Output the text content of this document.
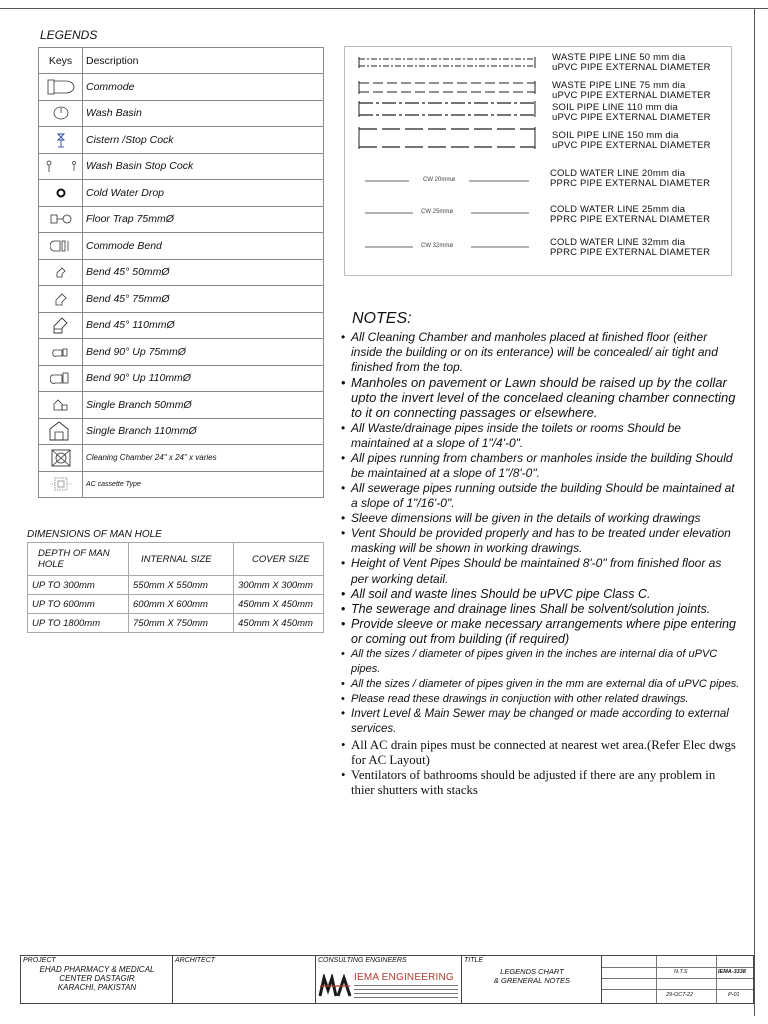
LEGENDS
Keys	Description

	Commode

	Wash Basin

	Cistern /Stop Cock

	Wash Basin Stop Cock

	Cold Water Drop

	Floor Trap 75mmØ

	Commode Bend

	Bend 45° 50mmØ

	Bend 45° 75mmØ

	Bend 45° 110mmØ

	Bend 90° Up 75mmØ

	Bend 90° Up 110mmØ

	Single Branch 50mmØ

	Single Branch 110mmØ

	Cleaning Chamber 24" x 24" x varies

	AC cassette Type
DIMENSIONS OF MAN HOLE
DEPTH OF MAN HOLE	INTERNAL SIZE	COVER SIZE
UP TO 300mm	550mm X 550mm	300mm X 300mm
UP TO 600mm	600mm X 600mm	450mm X 450mm
UP TO 1800mm	750mm X 750mm	450mm X 450mm
CW 20mmø
CW 25mmø
CW 32mmø
WASTE PIPE LINE 50 mm dia
uPVC PIPE EXTERNAL DIAMETER
WASTE PIPE LINE 75 mm dia
uPVC PIPE EXTERNAL DIAMETER
SOIL PIPE LINE 110 mm dia
uPVC PIPE EXTERNAL DIAMETER
SOIL PIPE LINE 150 mm dia
uPVC PIPE EXTERNAL DIAMETER
COLD WATER LINE 20mm dia
PPRC PIPE EXTERNAL DIAMETER
COLD WATER LINE 25mm dia
PPRC PIPE EXTERNAL DIAMETER
COLD WATER LINE 32mm dia
PPRC PIPE EXTERNAL DIAMETER
NOTES:
• All Cleaning Chamber and manholes placed at finished floor (either inside the building or on its enterance) will be concealed/ air tight and finished from the top.
• Manholes on pavement or Lawn should be raised up by the collar upto the invert level of the concelaed cleaning chamber connecting to it on connecting passages or elsewhere.
• All Waste/drainage pipes inside the toilets or rooms Should be maintained at a slope of 1"/4'-0".
• All pipes running from chambers or manholes inside the building Should be maintained at a slope of 1"/8'-0".
• All sewerage pipes running outside the building Should be maintained at a slope of 1"/16'-0".
• Sleeve dimensions will be given in the details of working drawings
• Vent Should be provided properly and has to be treated under elevation masking will be shown in working drawings.
• Height of Vent Pipes Should be maintained 8'-0" from finished floor as per working detail.
• All soil and waste lines Should be uPVC pipe Class C.
• The sewerage and drainage lines Shall be solvent/solution joints.
• Provide sleeve or make necessary arrangements where pipe entering or coming out from building (if required)
• All the sizes / diameter of pipes given in the inches are internal dia of uPVC pipes.
• All the sizes / diameter of pipes given in the mm are external dia of uPVC pipes.
• Please read these drawings in conjuction with other related drawings.
• Invert Level & Main Sewer may be changed or made according to external services.
• All AC drain pipes must be connected at nearest wet area.(Refer Elec dwgs for AC Layout)
• Ventilators of bathrooms should be adjusted if there are any problem in thier shutters with stacks
PROJECT
EHAD PHARMACY & MEDICAL
CENTER DASTAGIR
KARACHI, PAKISTAN
ARCHITECT	CONSULTING ENGINEERS
IEMA ENGINEERING
TITLE
LEGENDS CHART
& GRENERAL NOTES
N.T.S	IEMA-3338
29-OCT-22	P-01
